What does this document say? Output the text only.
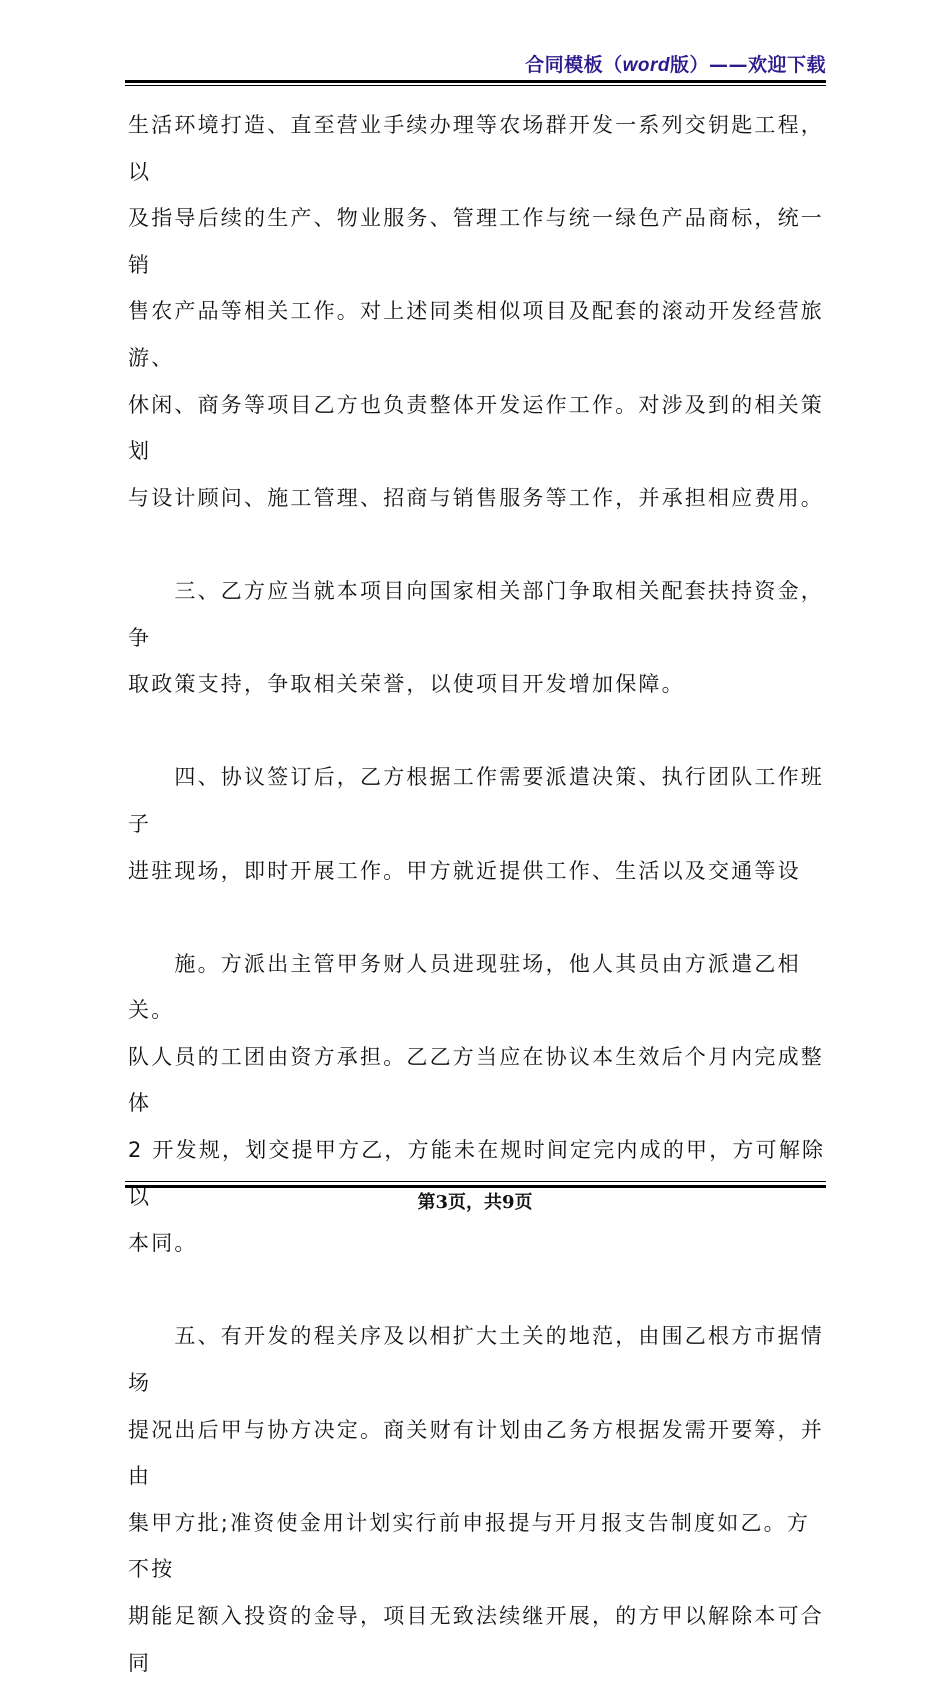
合同模板（word版）——欢迎下载
生活环境打造、直至营业手续办理等农场群开发一系列交钥匙工程，以
及指导后续的生产、物业服务、管理工作与统一绿色产品商标，统一销
售农产品等相关工作。对上述同类相似项目及配套的滚动开发经营旅游、
休闲、商务等项目乙方也负责整体开发运作工作。对涉及到的相关策划
与设计顾问、施工管理、招商与销售服务等工作，并承担相应费用。
　　三、乙方应当就本项目向国家相关部门争取相关配套扶持资金，争
取政策支持，争取相关荣誉，以使项目开发增加保障。
　　四、协议签订后，乙方根据工作需要派遣决策、执行团队工作班子
进驻现场，即时开展工作。甲方就近提供工作、生活以及交通等设
　　施。方派出主管甲务财人员进现驻场，他人其员由方派遣乙相关。
队人员的工团由资方承担。乙乙方当应在协议本生效后个月内完成整体
2 开发规，划交提甲方乙，方能未在规时间定完内成的甲，方可解除以
本同。
　　五、有开发的程关序及以相扩大土关的地范，由围乙根方市据情场
提况出后甲与协方决定。商关财有计划由乙务方根据发需开要筹，并由
集甲方批;准资使金用计划实行前申报提与开月报支告制度如乙。方不按
期能足额入投资的金导，项目无致法续继开展，的方甲以解除本可合同
第3页，共9页
